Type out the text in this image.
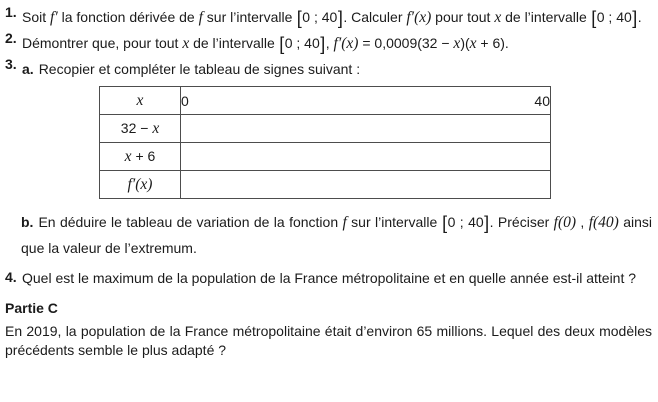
1. Soit f′ la fonction dérivée de f sur l’intervalle [0 ; 40]. Calculer f′(x) pour tout x de l’intervalle [0 ; 40].
2. Démontrer que, pour tout x de l’intervalle [0 ; 40], f′(x) = 0,0009(32 − x)(x + 6).
3. a. Recopier et compléter le tableau de signes suivant :
x	0 40

32 − x	
x + 6	
f′(x)	
b. En déduire le tableau de variation de la fonction f sur l’intervalle [0 ; 40]. Préciser f(0) , f(40) ainsi que la valeur de l’extremum.
4. Quel est le maximum de la population de la France métropolitaine et en quelle année est-il atteint ?
Partie C
En 2019, la population de la France métropolitaine était d’environ 65 millions. Lequel des deux modèles précédents semble le plus adapté ?
